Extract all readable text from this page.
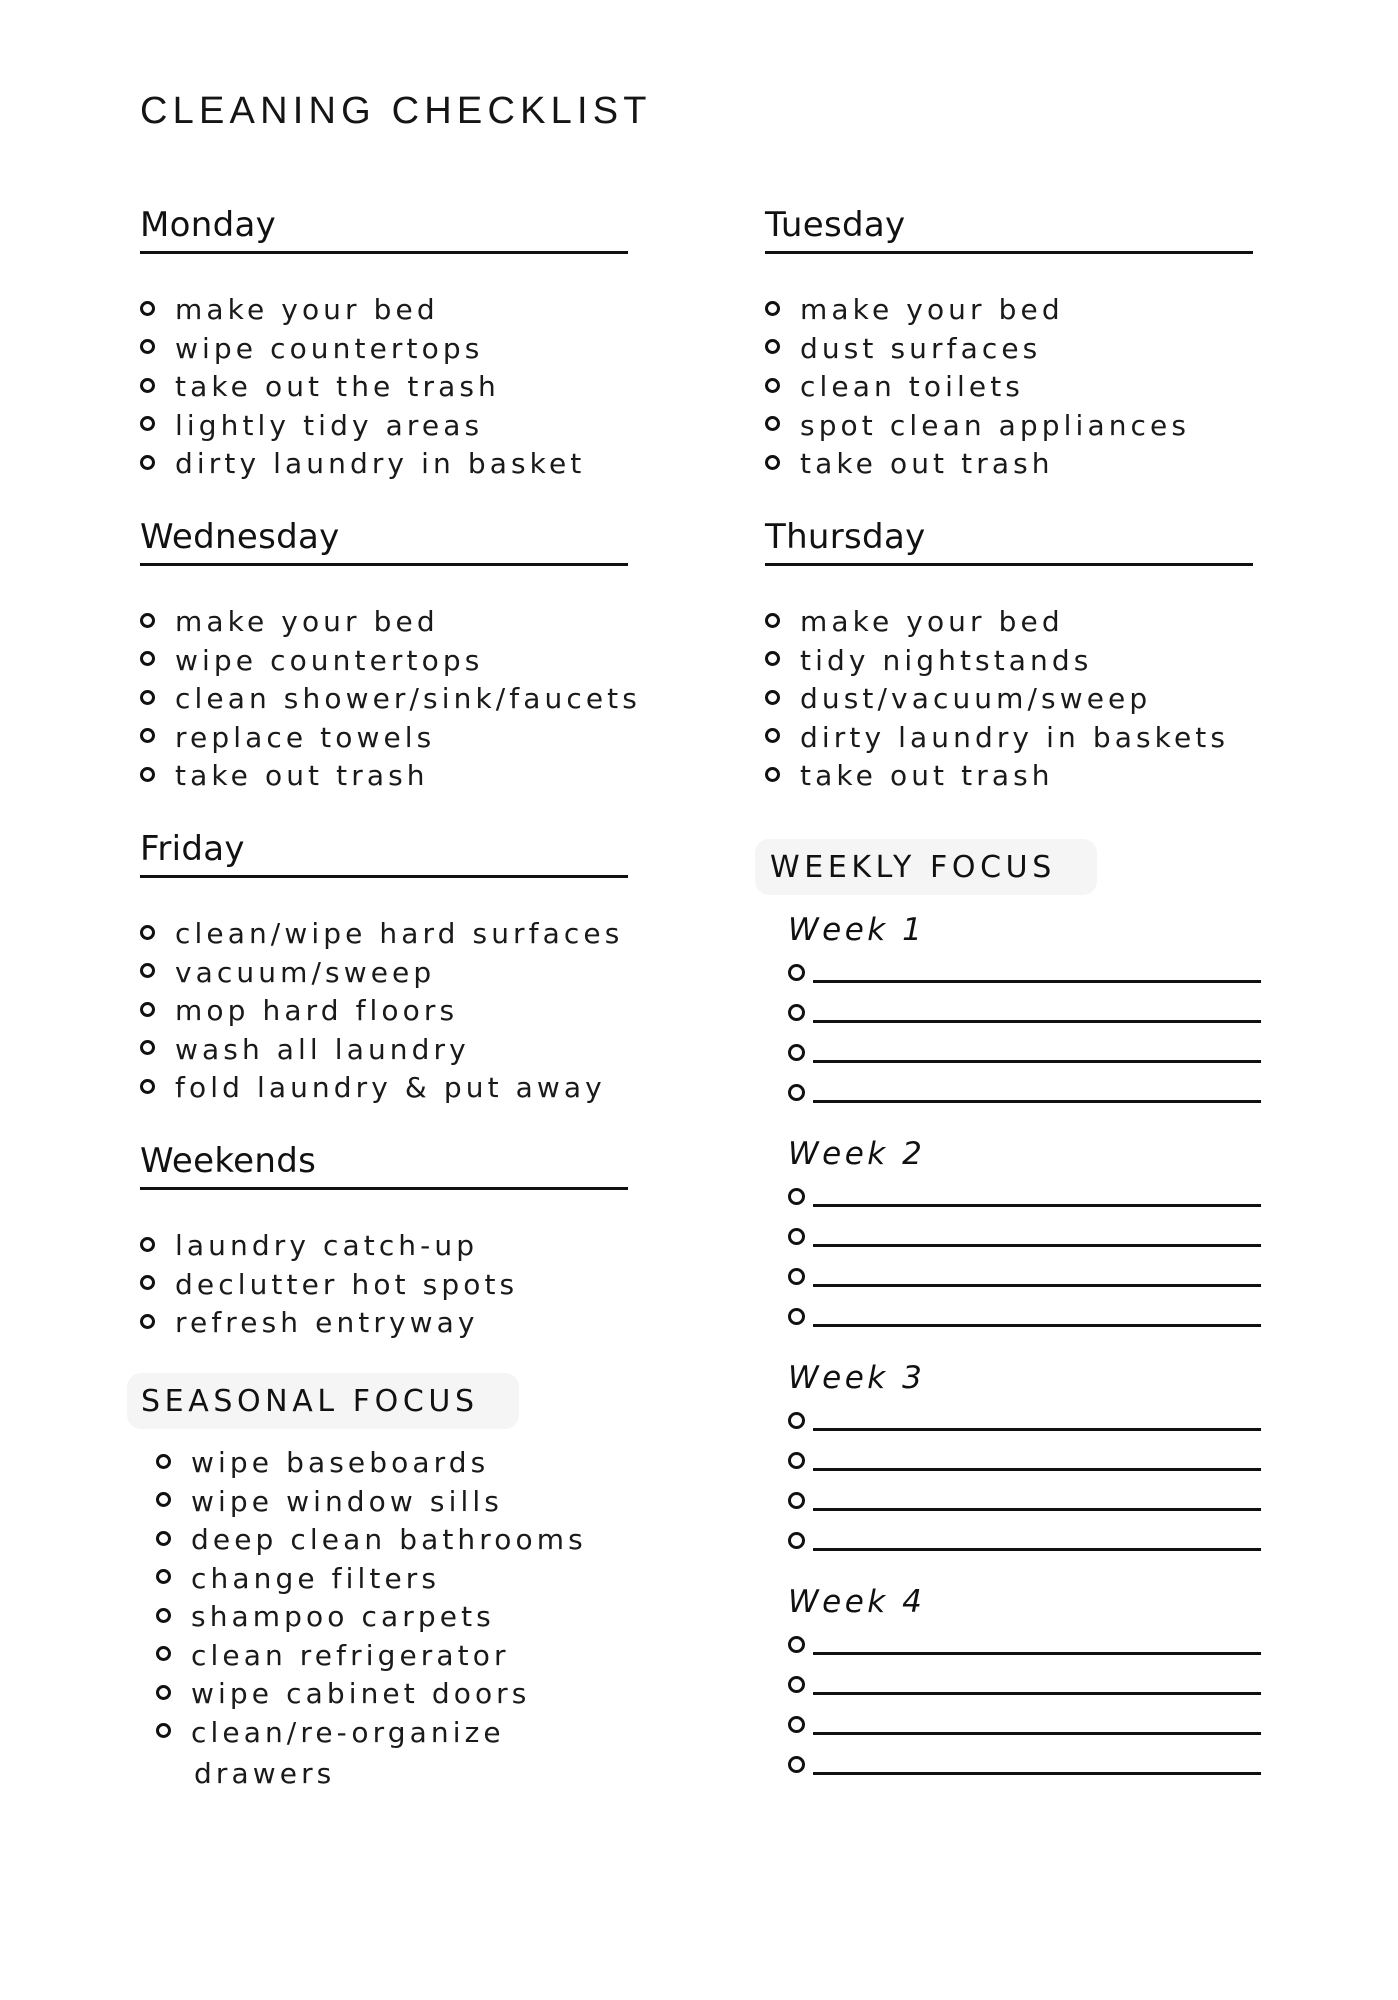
CLEANING CHECKLIST
Monday
make your bed
wipe countertops
take out the trash
lightly tidy areas
dirty laundry in basket
Tuesday
make your bed
dust surfaces
clean toilets
spot clean appliances
take out trash
Wednesday
make your bed
wipe countertops
clean shower/sink/faucets
replace towels
take out trash
Thursday
make your bed
tidy nightstands
dust/vacuum/sweep
dirty laundry in baskets
take out trash
Friday
clean/wipe hard surfaces
vacuum/sweep
mop hard floors
wash all laundry
fold laundry & put away
Weekends
laundry catch-up
declutter hot spots
refresh entryway
SEASONAL FOCUS
wipe baseboards
wipe window sills
deep clean bathrooms
change filters
shampoo carpets
clean refrigerator
wipe cabinet doors
clean/re-organize
drawers
WEEKLY FOCUS
Week 1
Week 2
Week 3
Week 4
